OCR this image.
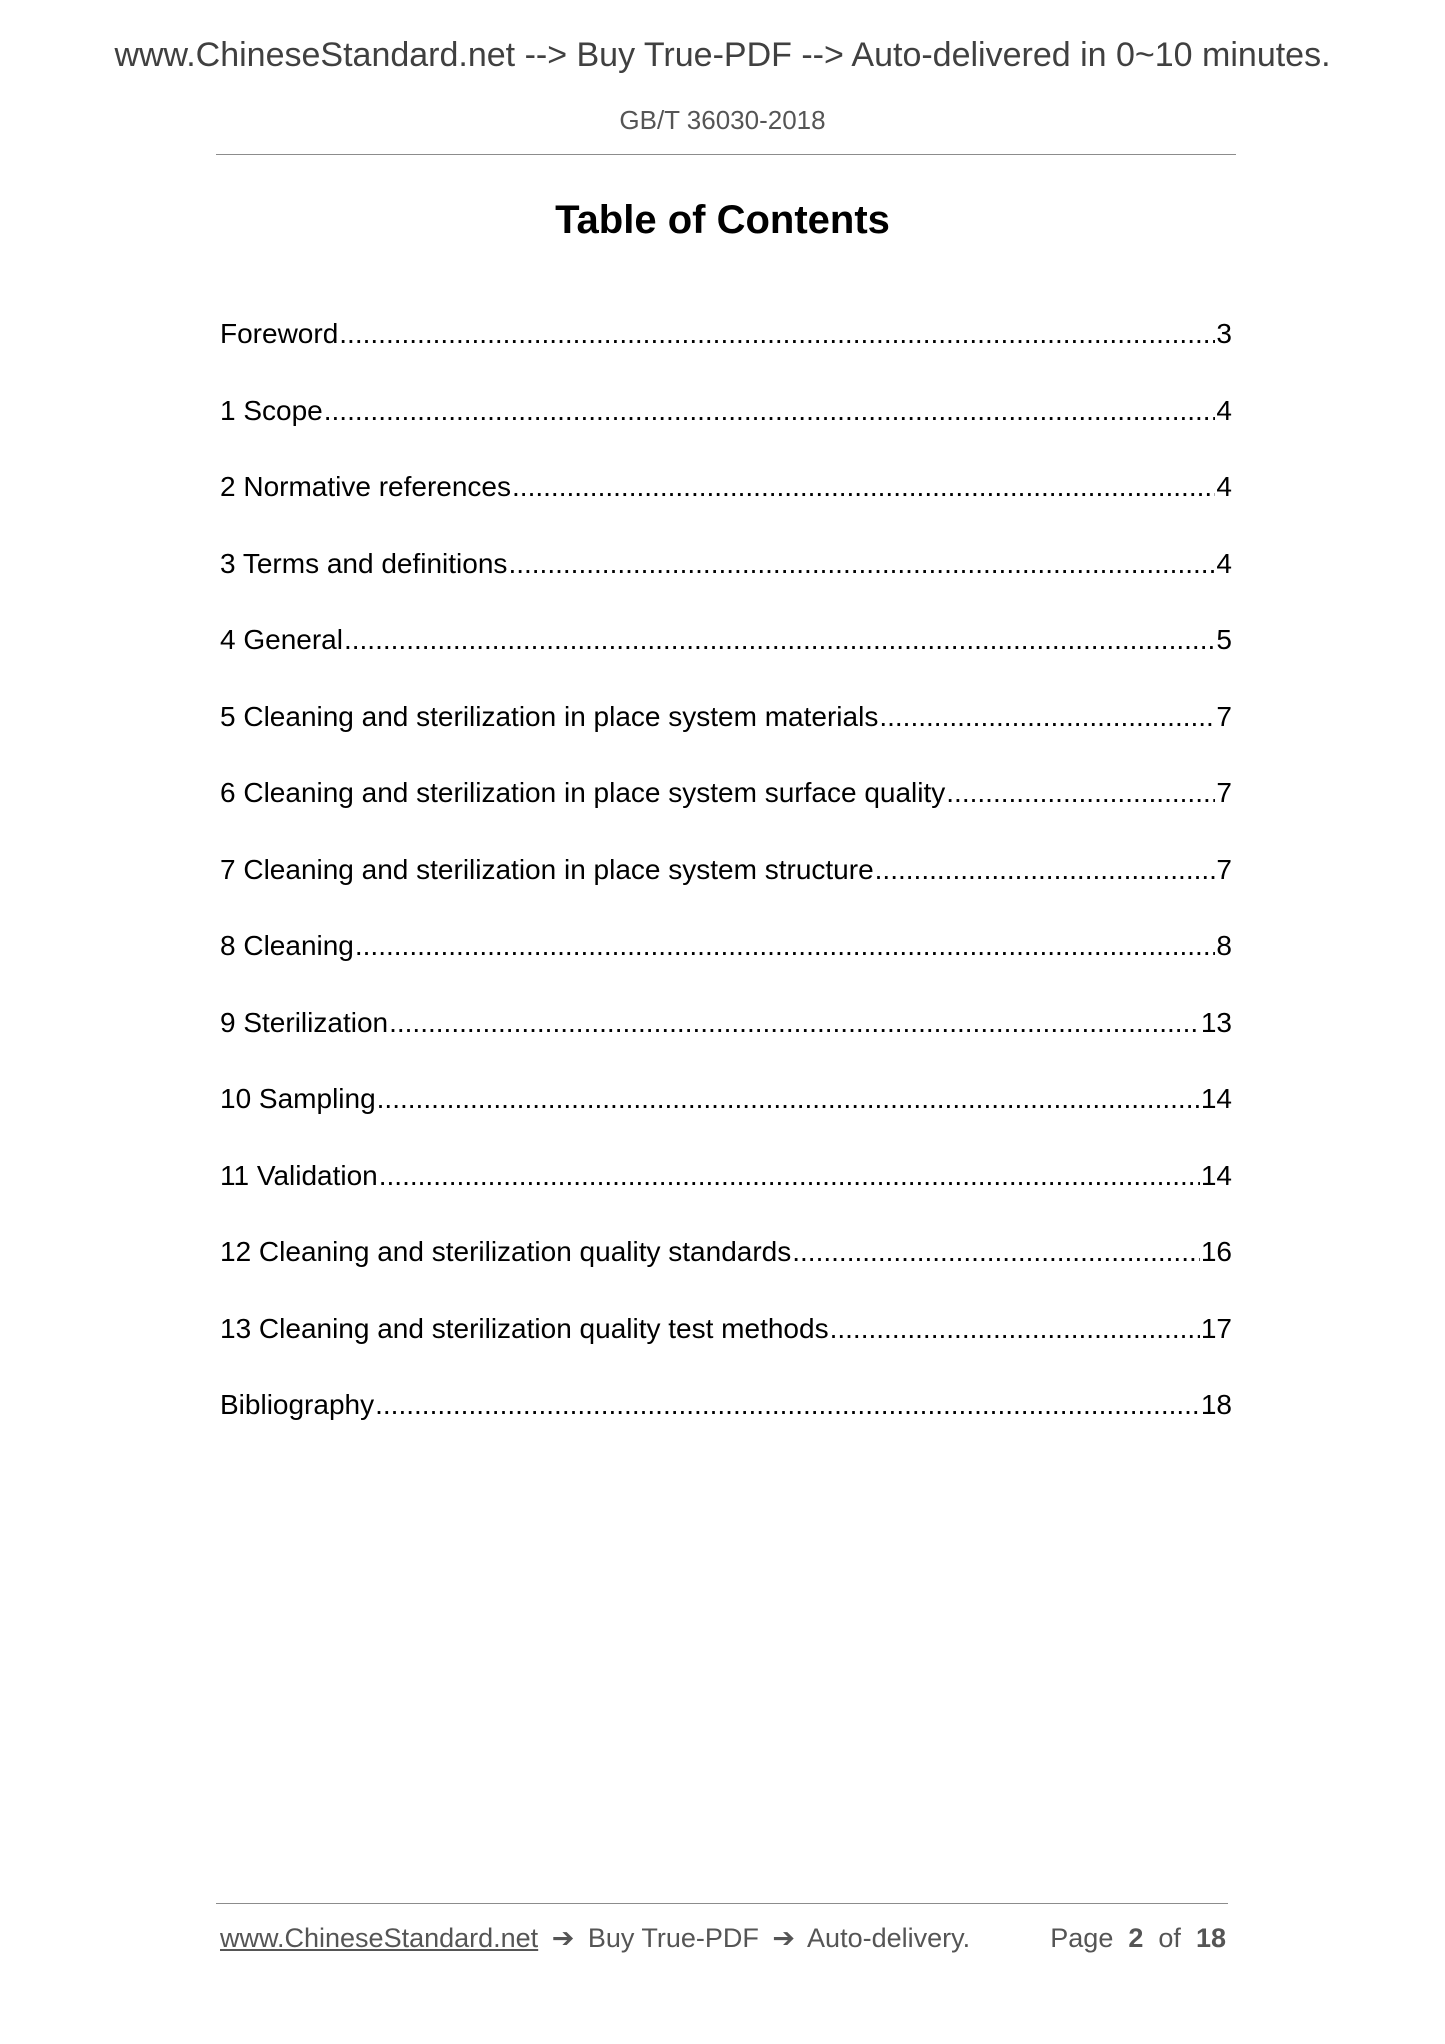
www.ChineseStandard.net --> Buy True-PDF --> Auto-delivered in 0~10 minutes.
GB/T 36030-2018
Table of Contents
Foreword .....	3
1 Scope .....	4
2 Normative references .....	4
3 Terms and definitions .....	4
4 General .....	5
5 Cleaning and sterilization in place system materials .....	7
6 Cleaning and sterilization in place system surface quality .....	7
7 Cleaning and sterilization in place system structure .....	7
8 Cleaning .....	8
9 Sterilization .....	13
10 Sampling .....	14
11 Validation .....	14
12 Cleaning and sterilization quality standards .....	16
13 Cleaning and sterilization quality test methods .....	17
Bibliography .....	18
www.ChineseStandard.net ➔ Buy True-PDF ➔ Auto-delivery.	Page 2 of 18
